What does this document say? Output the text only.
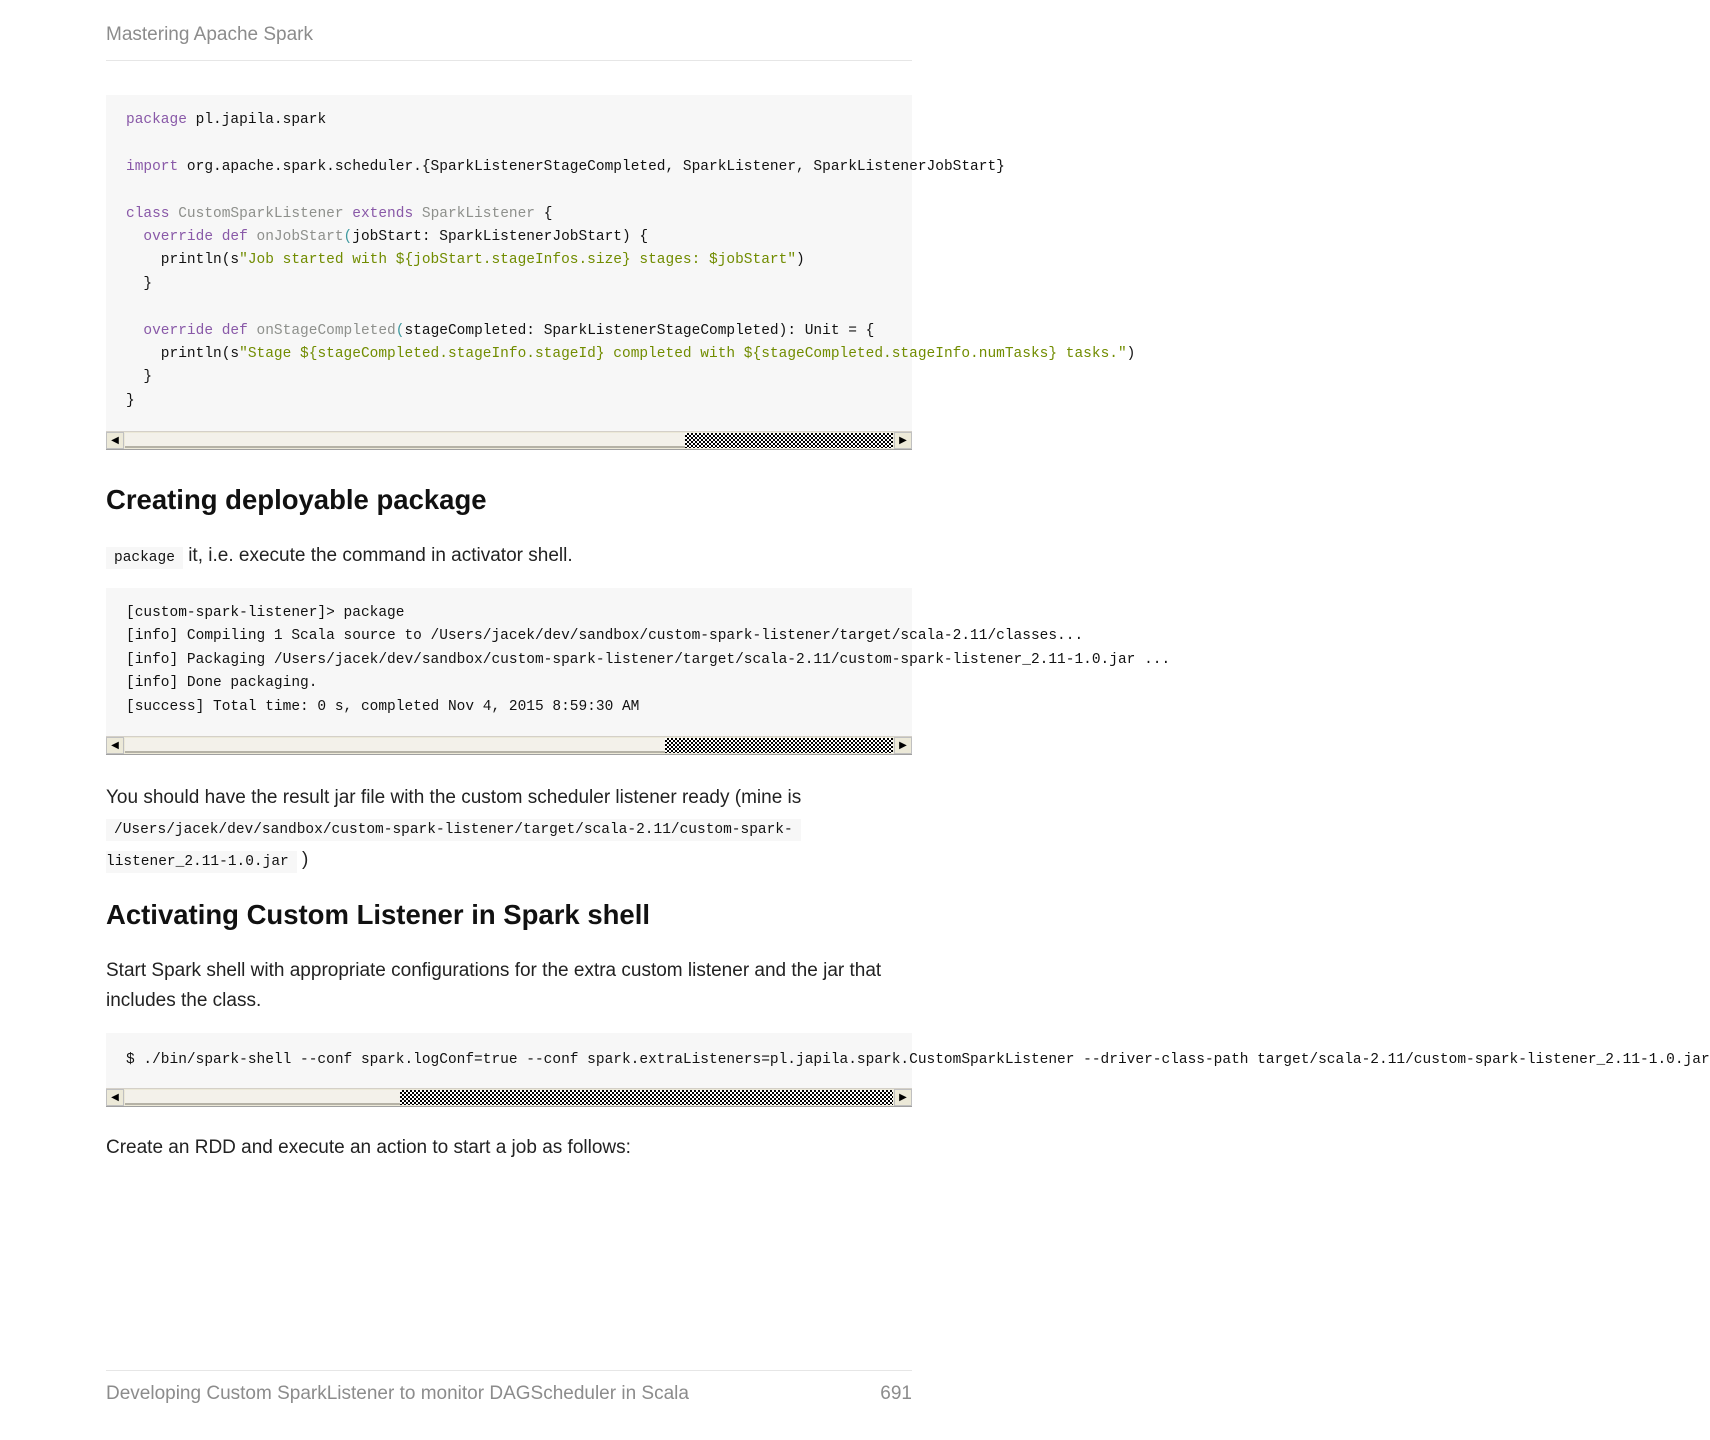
Mastering Apache Spark
package pl.japila.spark

import org.apache.spark.scheduler.{SparkListenerStageCompleted, SparkListener, SparkListenerJobStart}

class CustomSparkListener extends SparkListener {
override def onJobStart(jobStart: SparkListenerJobStart) {
println(s"Job started with ${jobStart.stageInfos.size} stages: $jobStart")
}

override def onStageCompleted(stageCompleted: SparkListenerStageCompleted): Unit = {
println(s"Stage ${stageCompleted.stageInfo.stageId} completed with ${stageCompleted.stageInfo.numTasks} tasks.")
}
}
◀	▶
Creating deployable package

package it, i.e. execute the command in activator shell.

[custom-spark-listener]> package
[info] Compiling 1 Scala source to /Users/jacek/dev/sandbox/custom-spark-listener/target/scala-2.11/classes...
[info] Packaging /Users/jacek/dev/sandbox/custom-spark-listener/target/scala-2.11/custom-spark-listener_2.11-1.0.jar ...
[info] Done packaging.
[success] Total time: 0 s, completed Nov 4, 2015 8:59:30 AM
◀	▶

You should have the result jar file with the custom scheduler listener ready (mine is
/Users/jacek/dev/sandbox/custom-spark-listener/target/scala-2.11/custom-spark-
listener_2.11-1.0.jar )

Activating Custom Listener in Spark shell

Start Spark shell with appropriate configurations for the extra custom listener and the jar that includes the class.

$ ./bin/spark-shell --conf spark.logConf=true --conf spark.extraListeners=pl.japila.spark.CustomSparkListener --driver-class-path target/scala-2.11/custom-spark-listener_2.11-1.0.jar
◀	▶

Create an RDD and execute an action to start a job as follows:

Developing Custom SparkListener to monitor DAGScheduler in Scala	691
